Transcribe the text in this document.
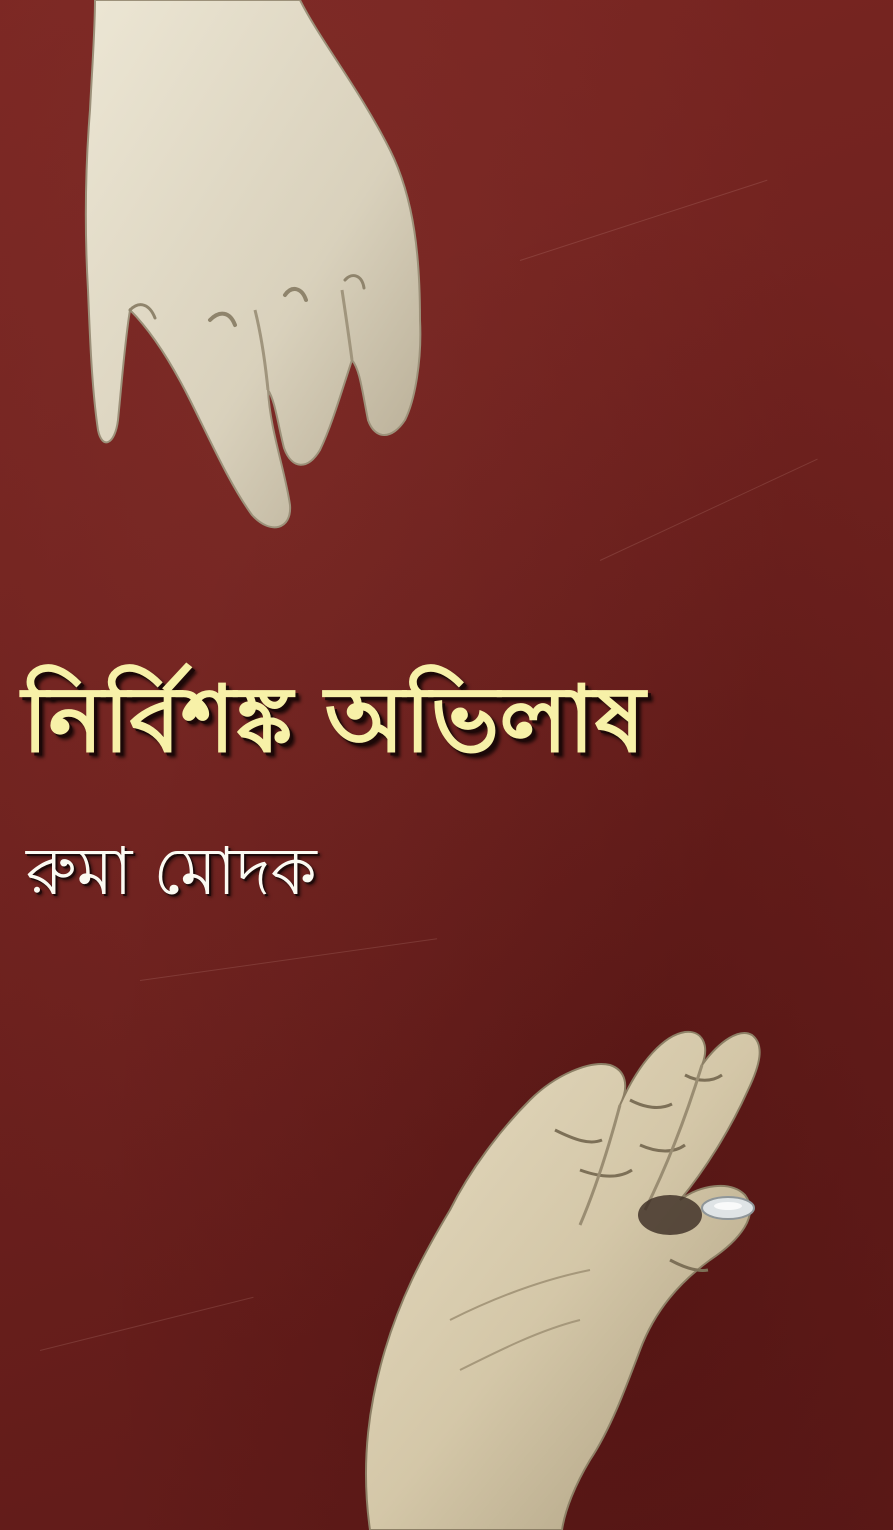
নির্বিশঙ্ক অভিলাষ
রুমা মোদক
